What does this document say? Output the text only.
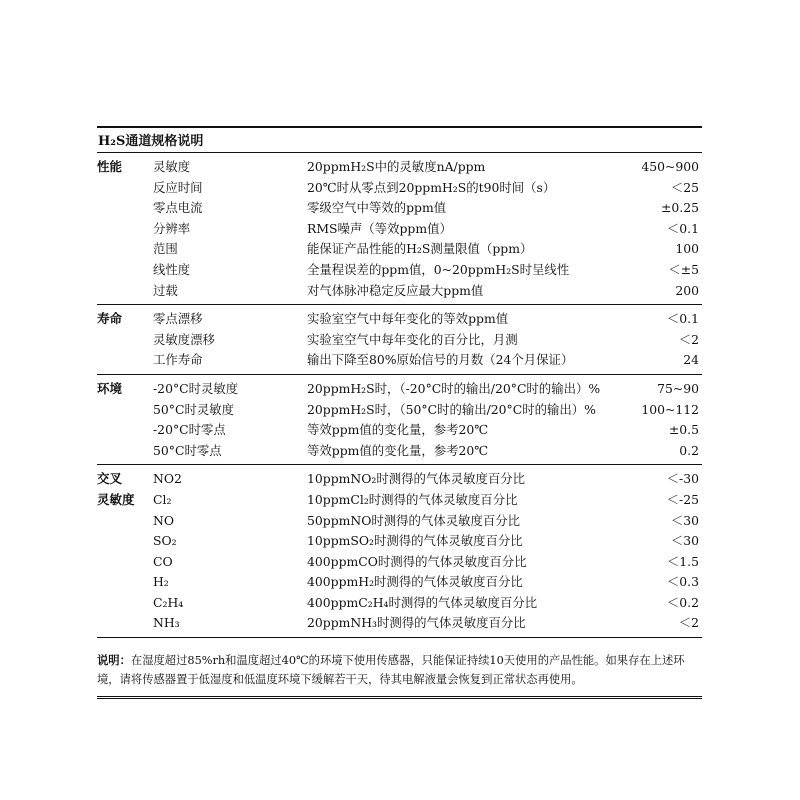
H₂S通道规格说明
性能 灵敏度	20ppmH₂S中的灵敏度nA/ppm	450~900
反应时间	20℃时从零点到20ppmH₂S的t90时间（s）	＜25
零点电流	零级空气中等效的ppm值	±0.25
分辨率	RMS噪声（等效ppm值）	＜0.1
范围	能保证产品性能的H₂S测量限值（ppm）	100
线性度	全量程误差的ppm值，0~20ppmH₂S时呈线性	＜±5
过载	对气体脉冲稳定反应最大ppm值	200
寿命 零点漂移	实验室空气中每年变化的等效ppm值	＜0.1
灵敏度漂移	实验室空气中每年变化的百分比，月测	＜2
工作寿命	输出下降至80%原始信号的月数（24个月保证）	24
环境 -20°C时灵敏度	20ppmH₂S时，（-20°C时的输出/20°C时的输出）%	75~90
50°C时灵敏度	20ppmH₂S时，（50°C时的输出/20°C时的输出）%	100~112
-20°C时零点	等效ppm值的变化量，参考20℃	±0.5
50°C时零点	等效ppm值的变化量，参考20℃	0.2
交叉 NO2	10ppmNO₂时测得的气体灵敏度百分比	＜-30
灵敏度 Cl₂	10ppmCl₂时测得的气体灵敏度百分比	＜-25
NO	50ppmNO时测得的气体灵敏度百分比	＜30
SO₂	10ppmSO₂时测得的气体灵敏度百分比	＜30
CO	400ppmCO时测得的气体灵敏度百分比	＜1.5
H₂	400ppmH₂时测得的气体灵敏度百分比	＜0.3
C₂H₄	400ppmC₂H₄时测得的气体灵敏度百分比	＜0.2
NH₃	20ppmNH₃时测得的气体灵敏度百分比	＜2
说明：在湿度超过85%rh和温度超过40℃的环境下使用传感器，只能保证持续10天使用的产品性能。如果存在上述环境，请将传感器置于低湿度和低温度环境下缓解若干天，待其电解液量会恢复到正常状态再使用。
